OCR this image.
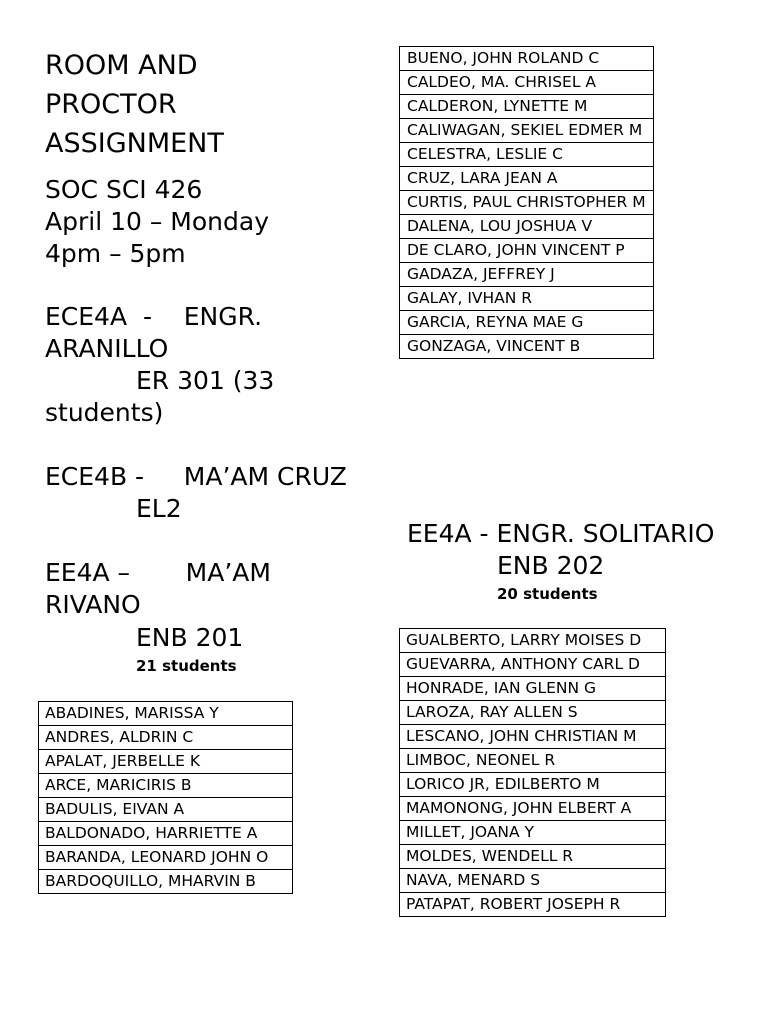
ROOM AND PROCTOR ASSIGNMENT
SOC SCI 426
April 10 – Monday
4pm – 5pm
ECE4A  -    ENGR. ARANILLO
ER 301 (33 students)
ECE4B -     MA’AM CRUZ
EL2
EE4A –       MA’AM RIVANO
ENB 201
21 students
EE4A - ENGR. SOLITARIO
ENB 202
20 students
BUENO, JOHN ROLAND C
CALDEO, MA. CHRISEL A
CALDERON, LYNETTE M
CALIWAGAN, SEKIEL EDMER M
CELESTRA, LESLIE C
CRUZ, LARA JEAN A
CURTIS, PAUL CHRISTOPHER M
DALENA, LOU JOSHUA V
DE CLARO, JOHN VINCENT P
GADAZA, JEFFREY J
GALAY, IVHAN R
GARCIA, REYNA MAE G
GONZAGA, VINCENT B
ABADINES, MARISSA Y
ANDRES, ALDRIN C
APALAT, JERBELLE K
ARCE, MARICIRIS B
BADULIS, EIVAN A
BALDONADO, HARRIETTE A
BARANDA, LEONARD JOHN O
BARDOQUILLO, MHARVIN B
GUALBERTO, LARRY MOISES D
GUEVARRA, ANTHONY CARL D
HONRADE, IAN GLENN G
LAROZA, RAY ALLEN S
LESCANO, JOHN CHRISTIAN M
LIMBOC, NEONEL R
LORICO JR, EDILBERTO M
MAMONONG, JOHN ELBERT A
MILLET, JOANA Y
MOLDES, WENDELL R
NAVA, MENARD S
PATAPAT, ROBERT JOSEPH R
